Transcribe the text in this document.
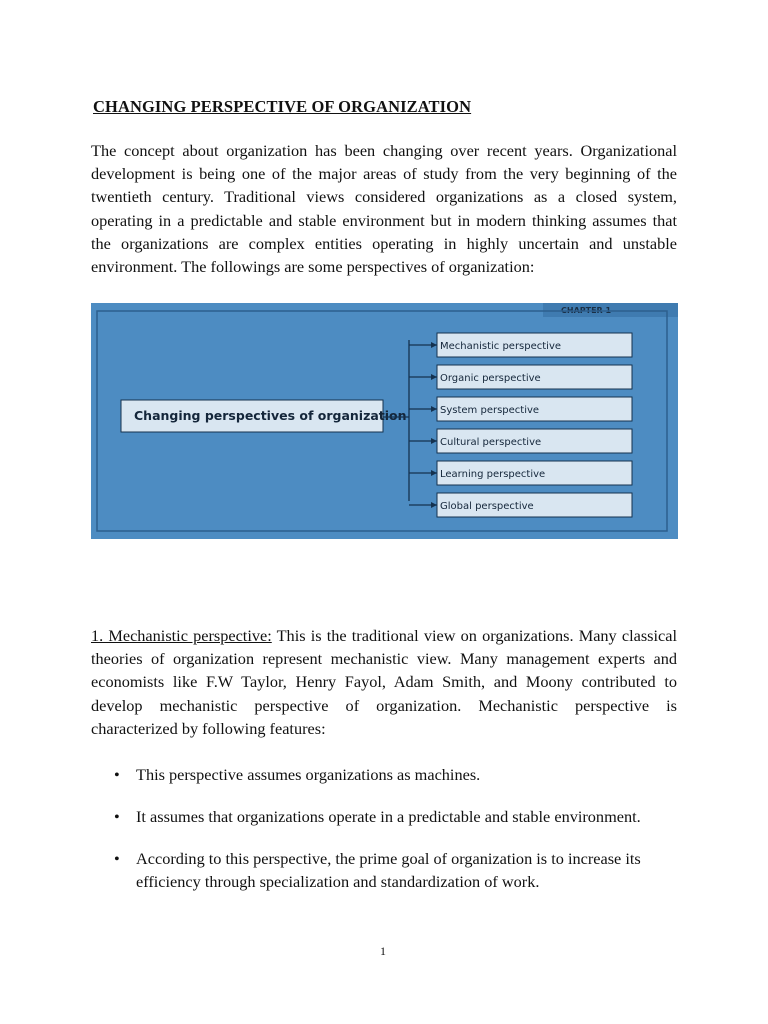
CHANGING PERSPECTIVE OF ORGANIZATION

The concept about organization has been changing over recent years. Organizational development is being one of the major areas of study from the very beginning of the twentieth century. Traditional views considered organizations as a closed system, operating in a predictable and stable environment but in modern thinking assumes that the organizations are complex entities operating in highly uncertain and unstable environment. The followings are some perspectives of organization:

CHAPTER 1
Changing perspectives of organization
Mechanistic perspective
Organic perspective
System perspective
Cultural perspective
Learning perspective
Global perspective

1. Mechanistic perspective: This is the traditional view on organizations. Many classical theories of organization represent mechanistic view. Many management experts and economists like F.W Taylor, Henry Fayol, Adam Smith, and Moony contributed to develop mechanistic perspective of organization. Mechanistic perspective is characterized by following features:

• This perspective assumes organizations as machines.
• It assumes that organizations operate in a predictable and stable environment.
• According to this perspective, the prime goal of organization is to increase its efficiency through specialization and standardization of work.
1
